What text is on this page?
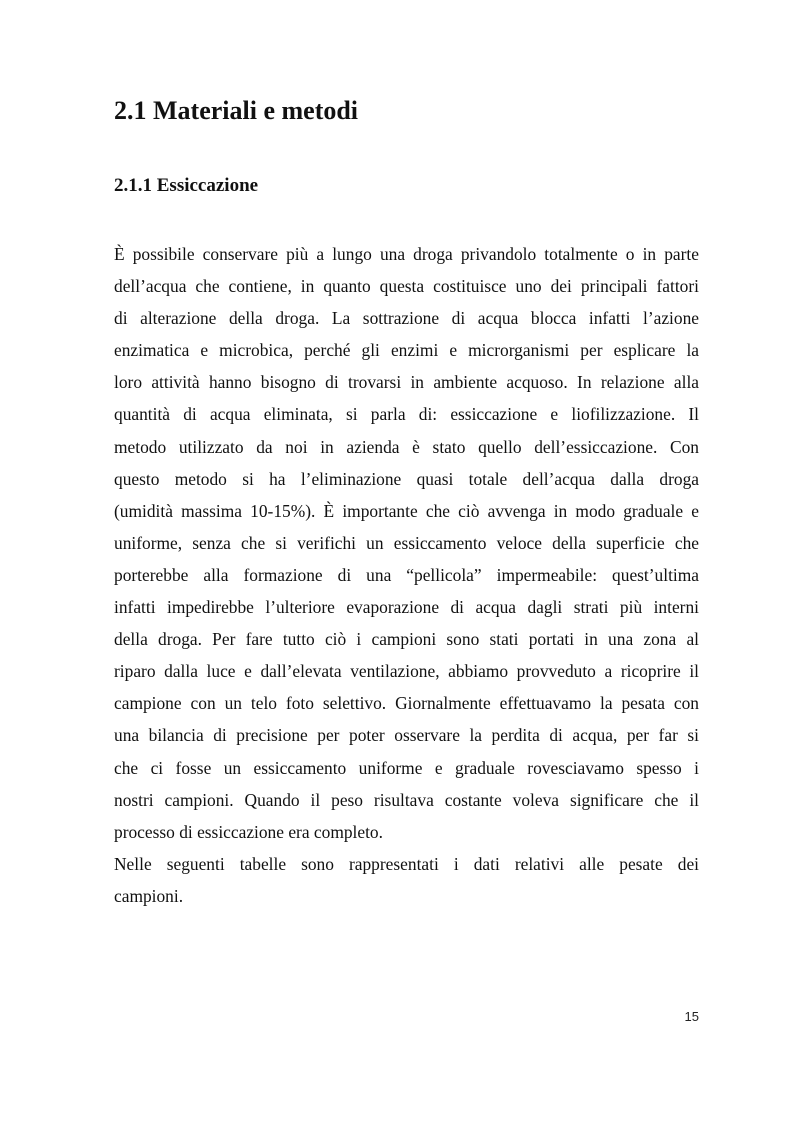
2.1 Materiali e metodi
2.1.1 Essiccazione
È possibile conservare più a lungo una droga privandolo totalmente o in parte
dell’acqua che contiene, in quanto questa costituisce uno dei principali fattori
di alterazione della droga. La sottrazione di acqua blocca infatti l’azione
enzimatica e microbica, perché gli enzimi e microrganismi per esplicare la
loro attività hanno bisogno di trovarsi in ambiente acquoso. In relazione alla
quantità di acqua eliminata, si parla di: essiccazione e liofilizzazione. Il
metodo utilizzato da noi in azienda è stato quello dell’essiccazione. Con
questo metodo si ha l’eliminazione quasi totale dell’acqua dalla droga
(umidità massima 10-15%). È importante che ciò avvenga in modo graduale e
uniforme, senza che si verifichi un essiccamento veloce della superficie che
porterebbe alla formazione di una “pellicola” impermeabile: quest’ultima
infatti impedirebbe l’ulteriore evaporazione di acqua dagli strati più interni
della droga. Per fare tutto ciò i campioni sono stati portati in una zona al
riparo dalla luce e dall’elevata ventilazione, abbiamo provveduto a ricoprire il
campione con un telo foto selettivo. Giornalmente effettuavamo la pesata con
una bilancia di precisione per poter osservare la perdita di acqua, per far si
che ci fosse un essiccamento uniforme e graduale rovesciavamo spesso i
nostri campioni. Quando il peso risultava costante voleva significare che il
processo di essiccazione era completo.
Nelle seguenti tabelle sono rappresentati i dati relativi alle pesate dei
campioni.
15
